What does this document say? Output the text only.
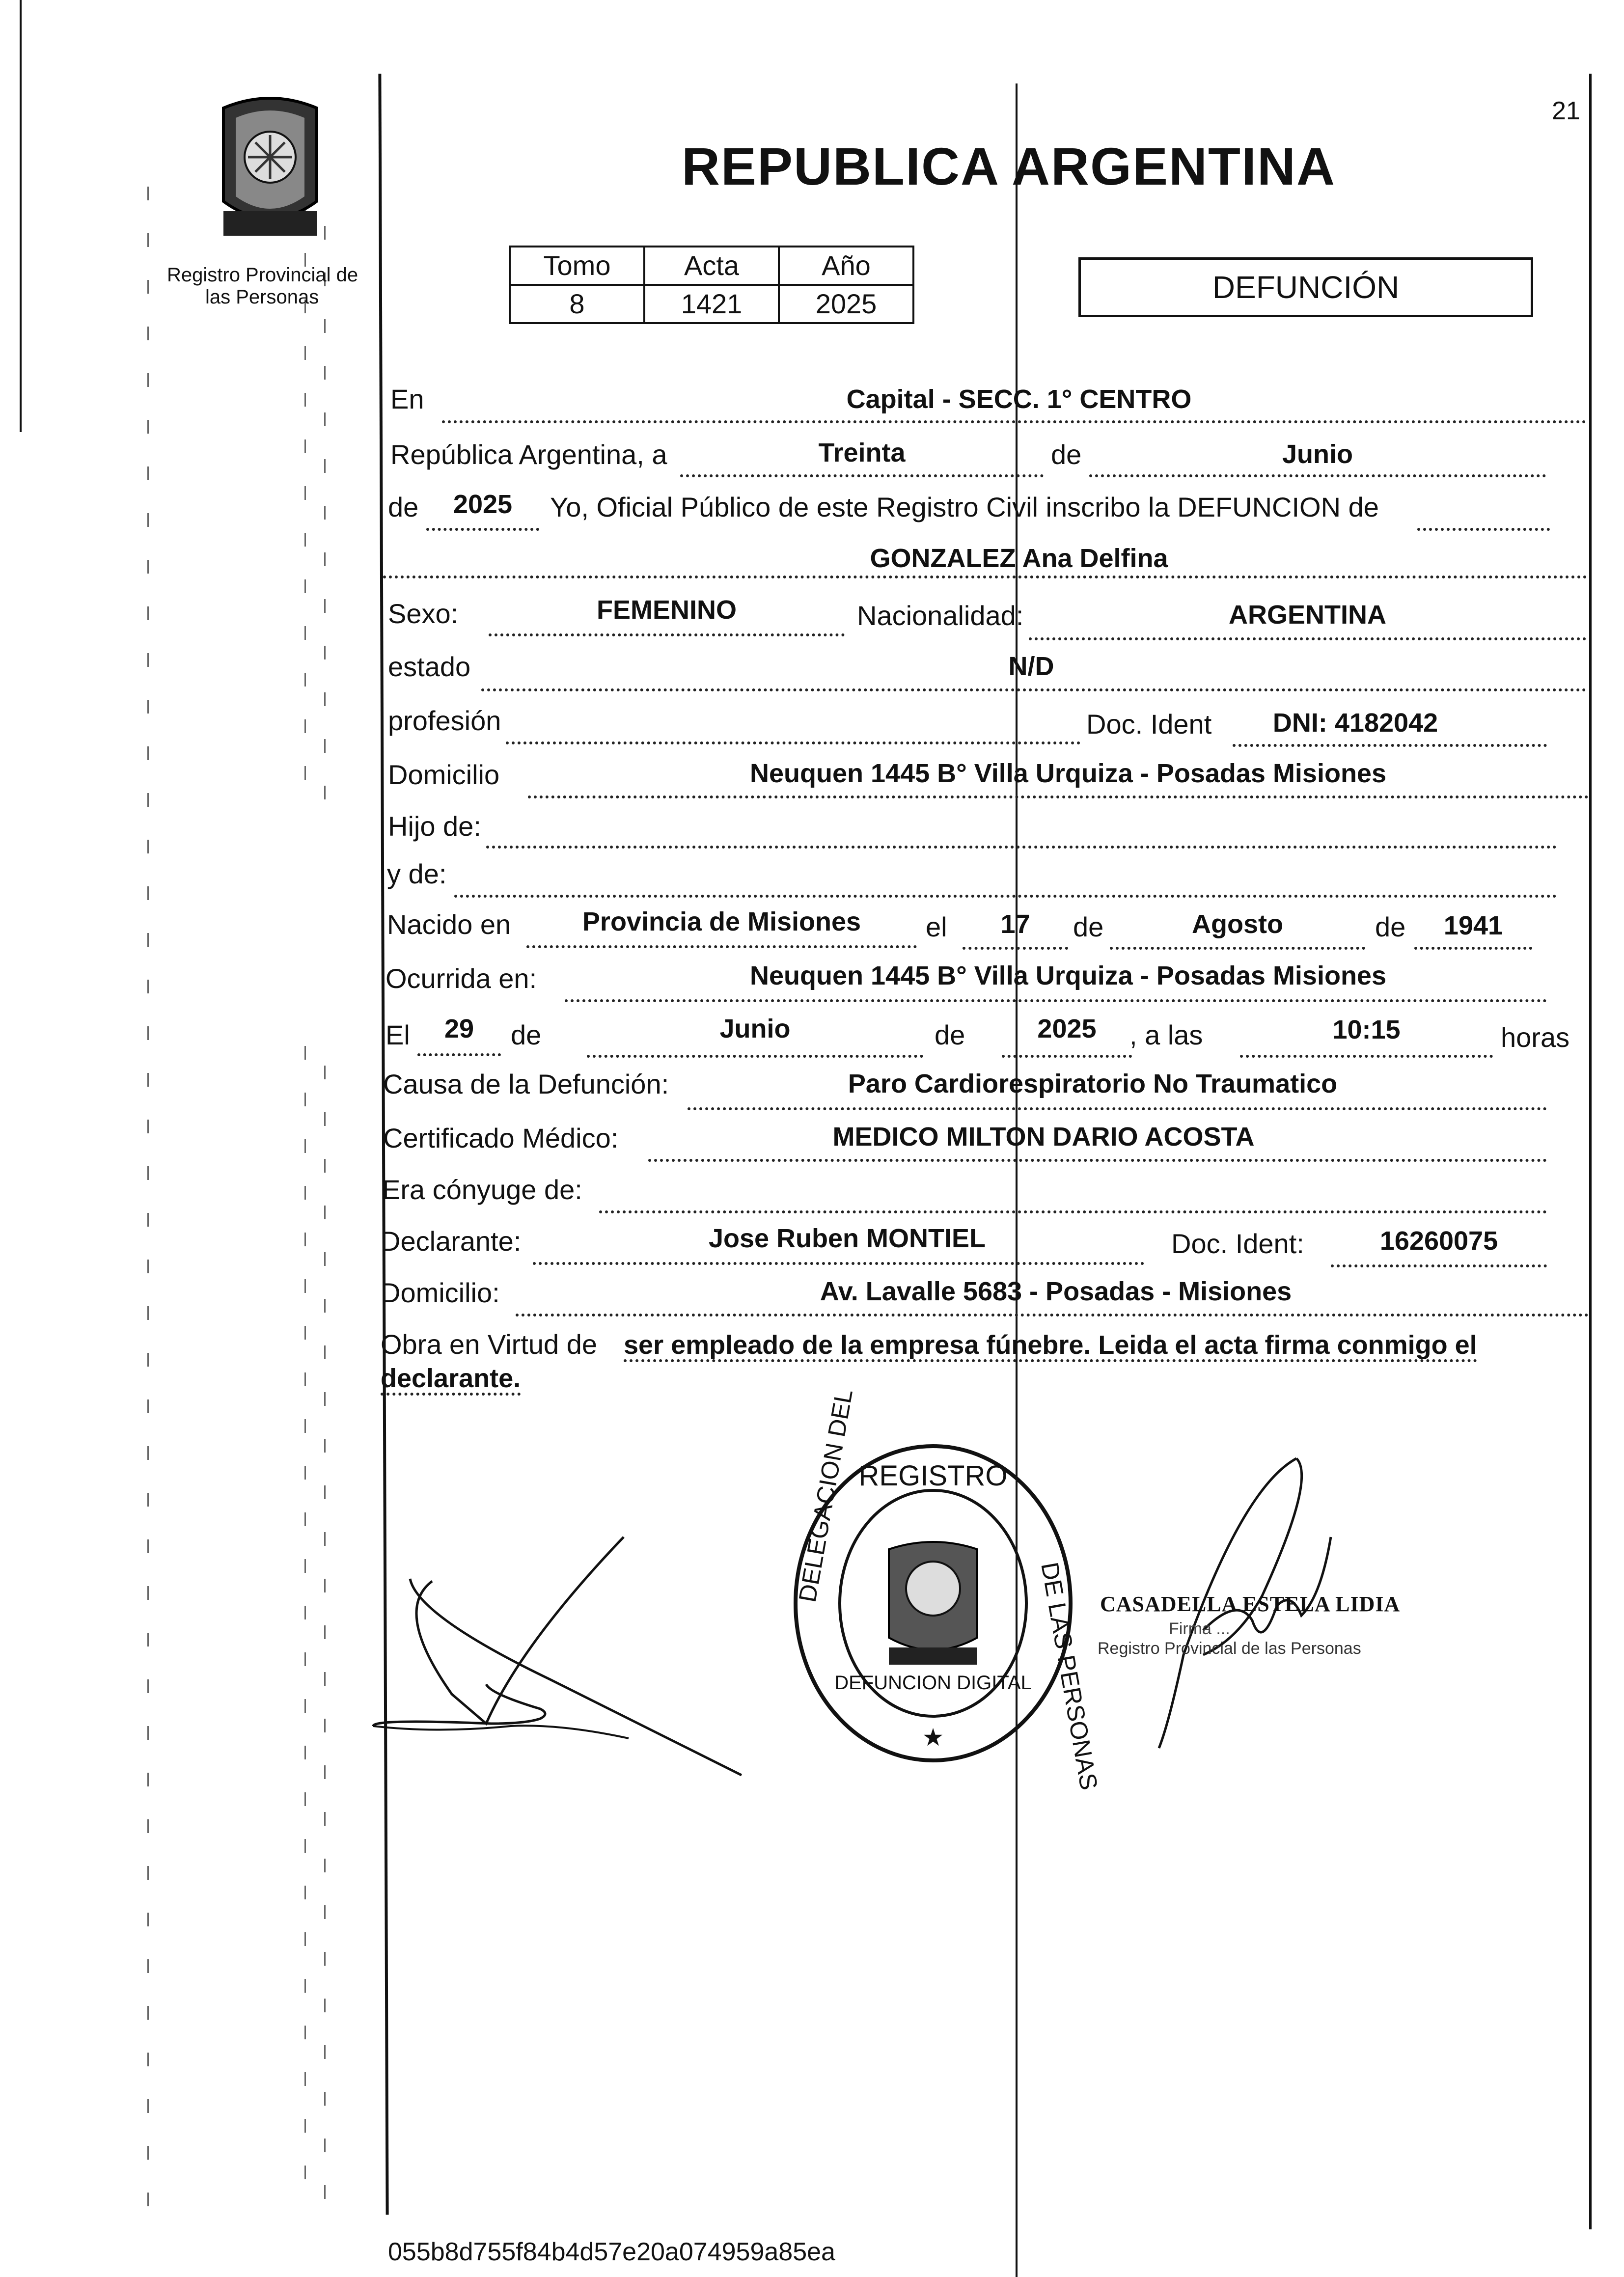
Registro Provincial de
las Personas
21
REPUBLICA ARGENTINA
Tomo	Acta	Año
8	1421	2025	DEFUNCIÓN
En	Capital - SECC. 1° CENTRO
República Argentina, a	Treinta	de	Junio
de	2025	Yo, Oficial Público de este Registro Civil inscribo la DEFUNCION de
GONZALEZ Ana Delfina
Sexo:	FEMENINO	Nacionalidad:	ARGENTINA
estado	N/D
profesión	Doc. Ident	DNI: 4182042
Domicilio	Neuquen 1445 B° Villa Urquiza - Posadas Misiones
Hijo de:
y de:
Nacido en	Provincia de Misiones	el	17	de	Agosto	de	1941
Ocurrida en:	Neuquen 1445 B° Villa Urquiza - Posadas Misiones
El	29	de	Junio	de	2025	, a las	10:15	horas
Causa de la Defunción:	Paro Cardiorespiratorio No Traumatico
Certificado Médico:	MEDICO MILTON DARIO ACOSTA
Era cónyuge de:
Declarante:	Jose Ruben MONTIEL	Doc. Ident:	16260075
Domicilio:	Av. Lavalle 5683 - Posadas - Misiones
Obra en Virtud de ser empleado de la empresa fúnebre. Leida el acta firma conmigo el
declarante.
REGISTRO
DELEGACION DEL
DE LAS PERSONAS
DEFUNCION DIGITAL
★
CASADELLA ESTELA LIDIA
Firma ...
Registro Provincial de las Personas
055b8d755f84b4d57e20a074959a85ea
